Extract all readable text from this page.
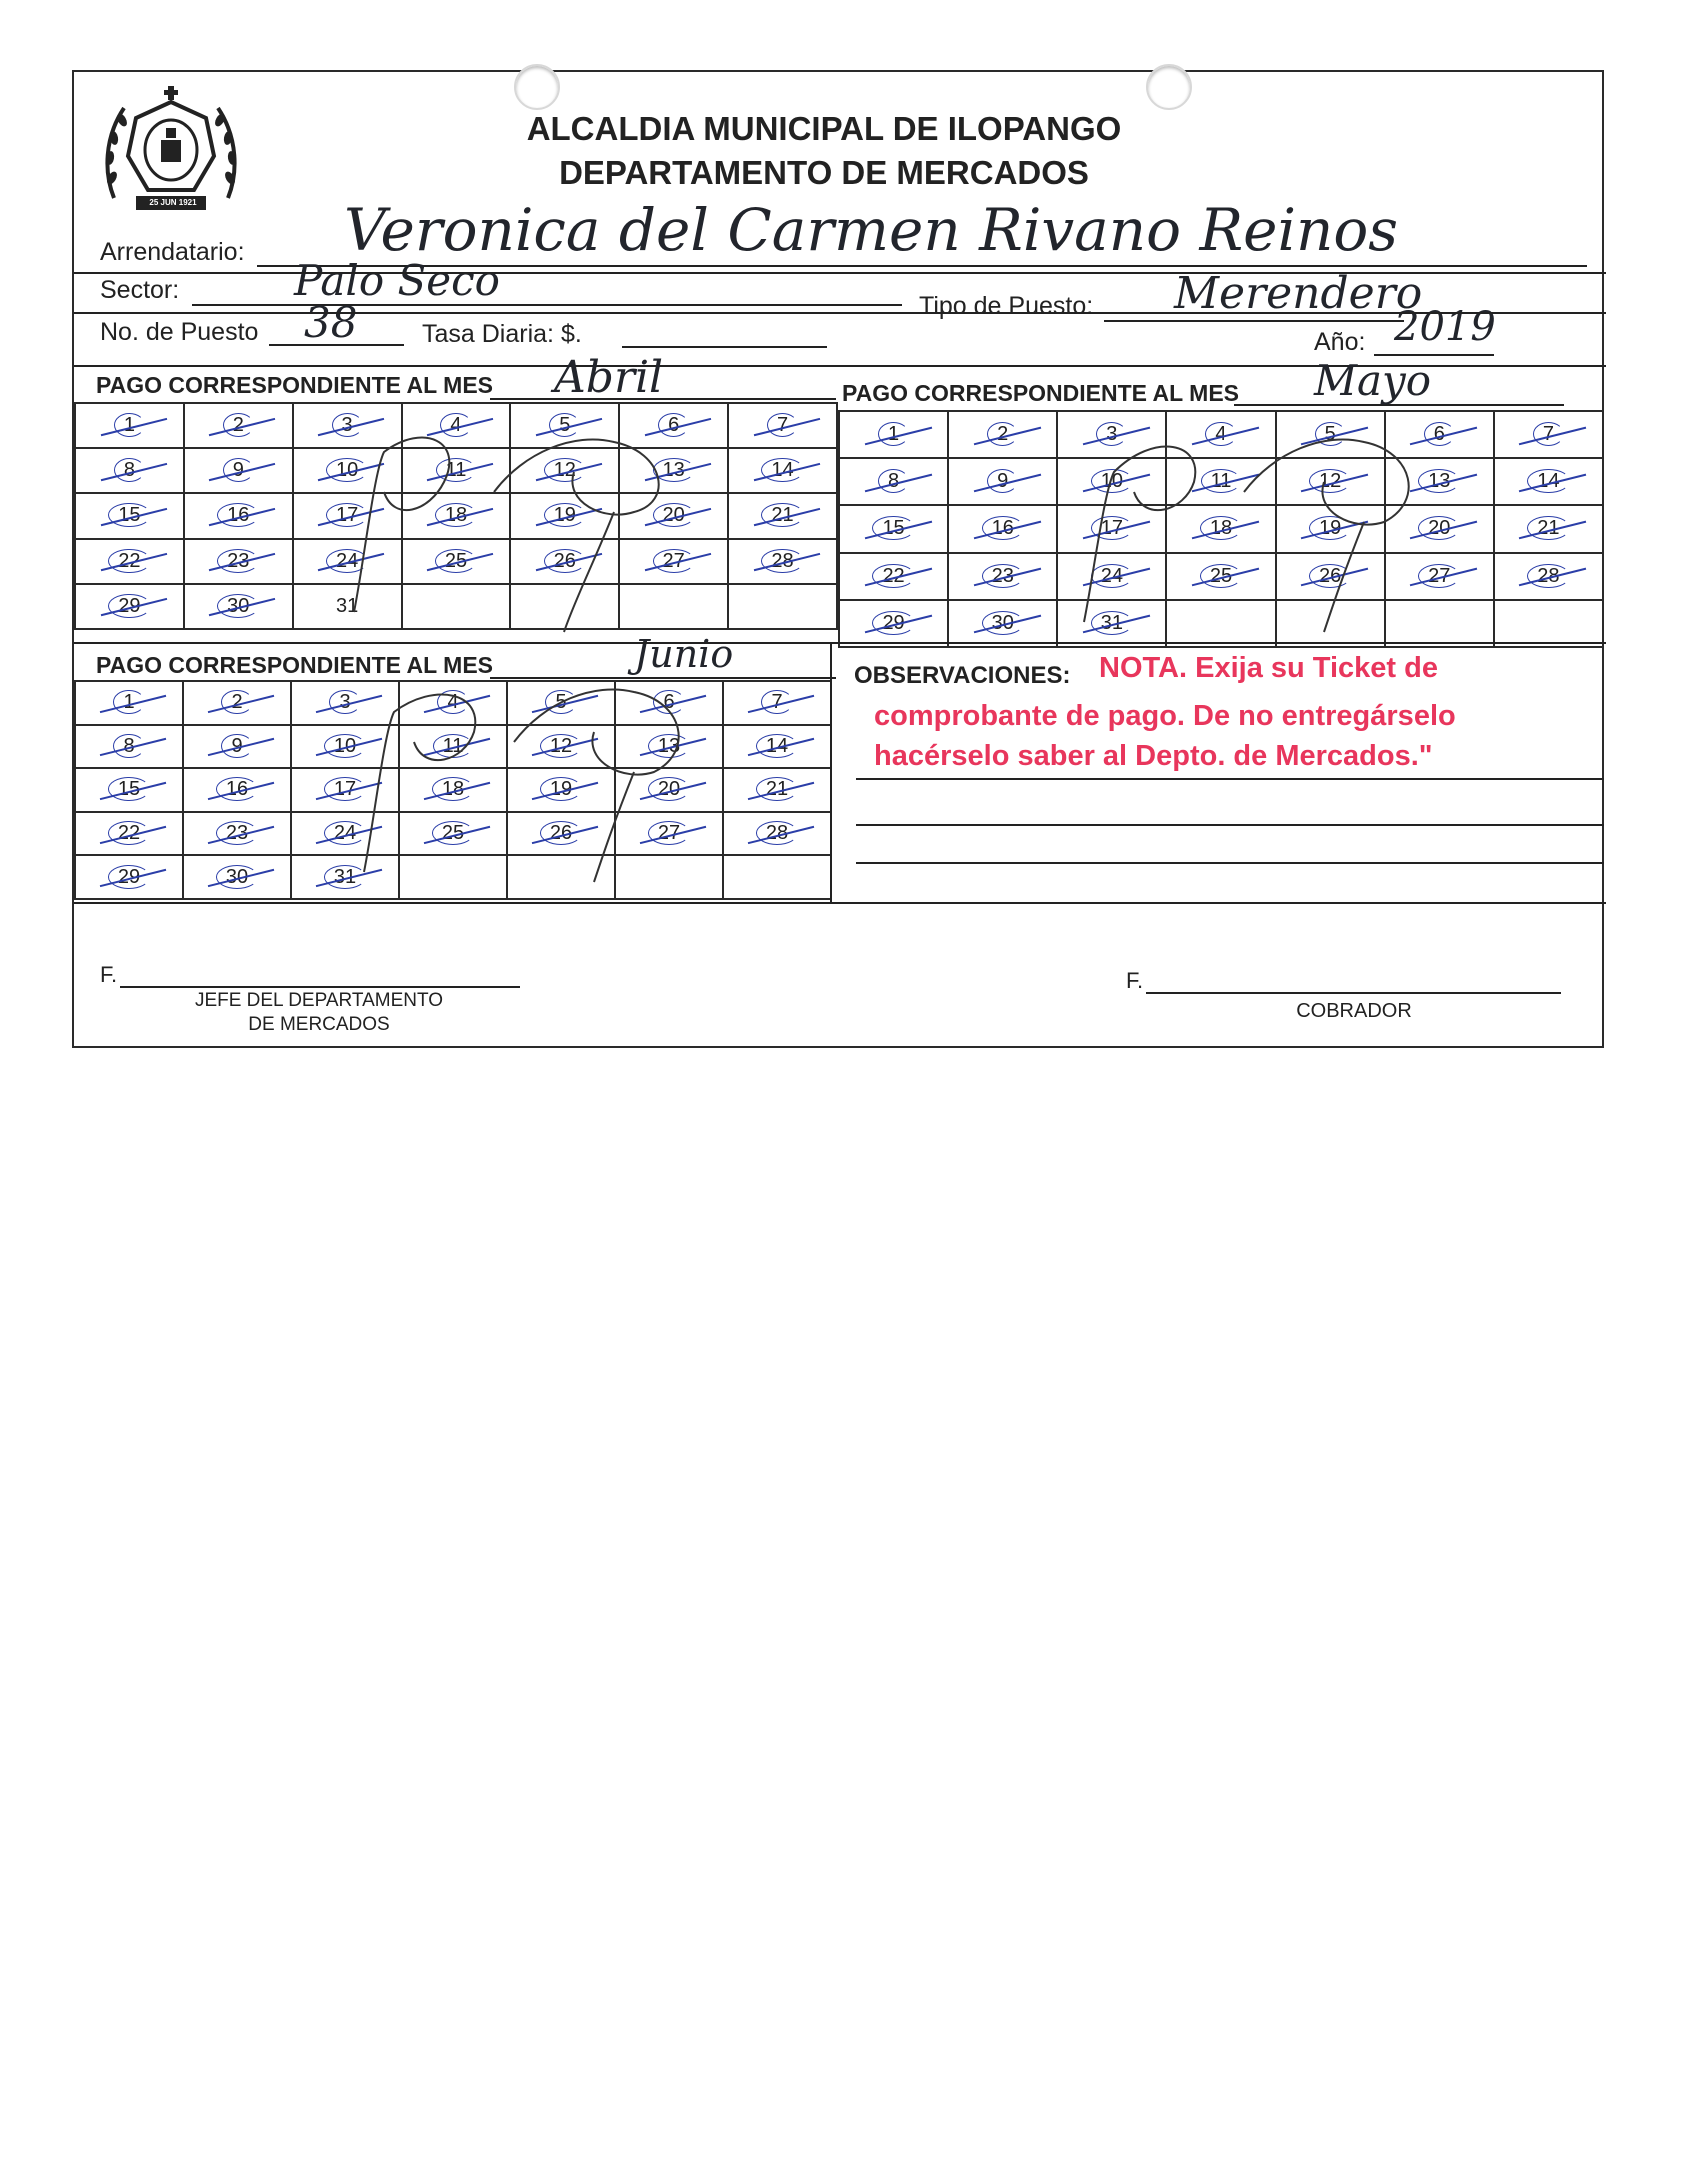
25 JUN 1921
ALCALDIA MUNICIPAL DE ILOPANGO
DEPARTAMENTO DE MERCADOS
Arrendatario: Veronica del Carmen Rivano Reinos
Sector:	Palo Seco
Tipo de Puesto: Merendero
No. de Puesto 38	Tasa Diaria: $.	Año: 2019
PAGO CORRESPONDIENTE AL MES Abril
1	2	3	4	5	6	7
8	9	10	11	12	13	14
15	16	17	18	19	20	21
22	23	24	25	26	27	28
29	30	31				
PAGO CORRESPONDIENTE AL MES Mayo
1	2	3	4	5	6	7
8	9	10	11	12	13	14
15	16	17	18	19	20	21
22	23	24	25	26	27	28
29	30	31				
PAGO CORRESPONDIENTE AL MES	Junio
1	2	3	4	5	6	7
8	9	10	11	12	13	14
15	16	17	18	19	20	21
22	23	24	25	26	27	28
29	30	31				
OBSERVACIONES: NOTA. Exija su Ticket de
comprobante de pago. De no entregárselo
hacérselo saber al Depto. de Mercados."
F.
JEFE DEL DEPARTAMENTO
DE MERCADOS
F.
COBRADOR
